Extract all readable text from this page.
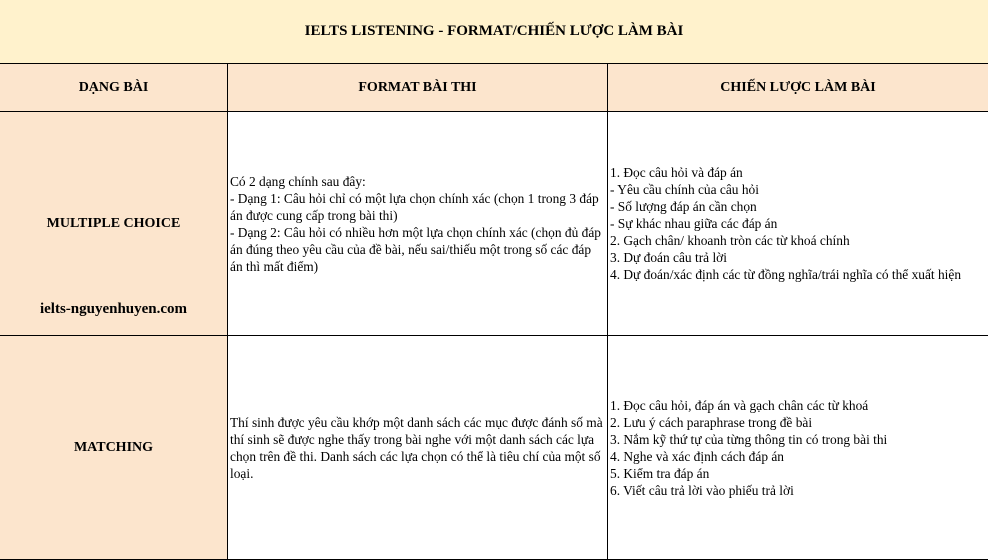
IELTS LISTENING - FORMAT/CHIẾN LƯỢC LÀM BÀI
DẠNG BÀI	FORMAT BÀI THI	CHIẾN LƯỢC LÀM BÀI
MULTIPLE CHOICE
ielts-nguyenhuyen.com
Có 2 dạng chính sau đây:
- Dạng 1: Câu hỏi chỉ có một lựa chọn chính xác (chọn 1 trong 3 đáp án được cung cấp trong bài thi)
- Dạng 2: Câu hỏi có nhiều hơn một lựa chọn chính xác (chọn đủ đáp án đúng theo yêu cầu của đề bài, nếu sai/thiếu một trong số các đáp án thì mất điểm)
1. Đọc câu hỏi và đáp án
- Yêu cầu chính của câu hỏi
- Số lượng đáp án cần chọn
- Sự khác nhau giữa các đáp án
2. Gạch chân/ khoanh tròn các từ khoá chính
3. Dự đoán câu trả lời
4. Dự đoán/xác định các từ đồng nghĩa/trái nghĩa có thể xuất hiện
MATCHING
Thí sinh được yêu cầu khớp một danh sách các mục được đánh số mà thí sinh sẽ được nghe thấy trong bài nghe với một danh sách các lựa chọn trên đề thi. Danh sách các lựa chọn có thể là tiêu chí của một số loại.
1. Đọc câu hỏi, đáp án và gạch chân các từ khoá
2. Lưu ý cách paraphrase trong đề bài
3. Nắm kỹ thứ tự của từng thông tin có trong bài thi
4. Nghe và xác định cách đáp án
5. Kiểm tra đáp án
6. Viết câu trả lời vào phiếu trả lời
